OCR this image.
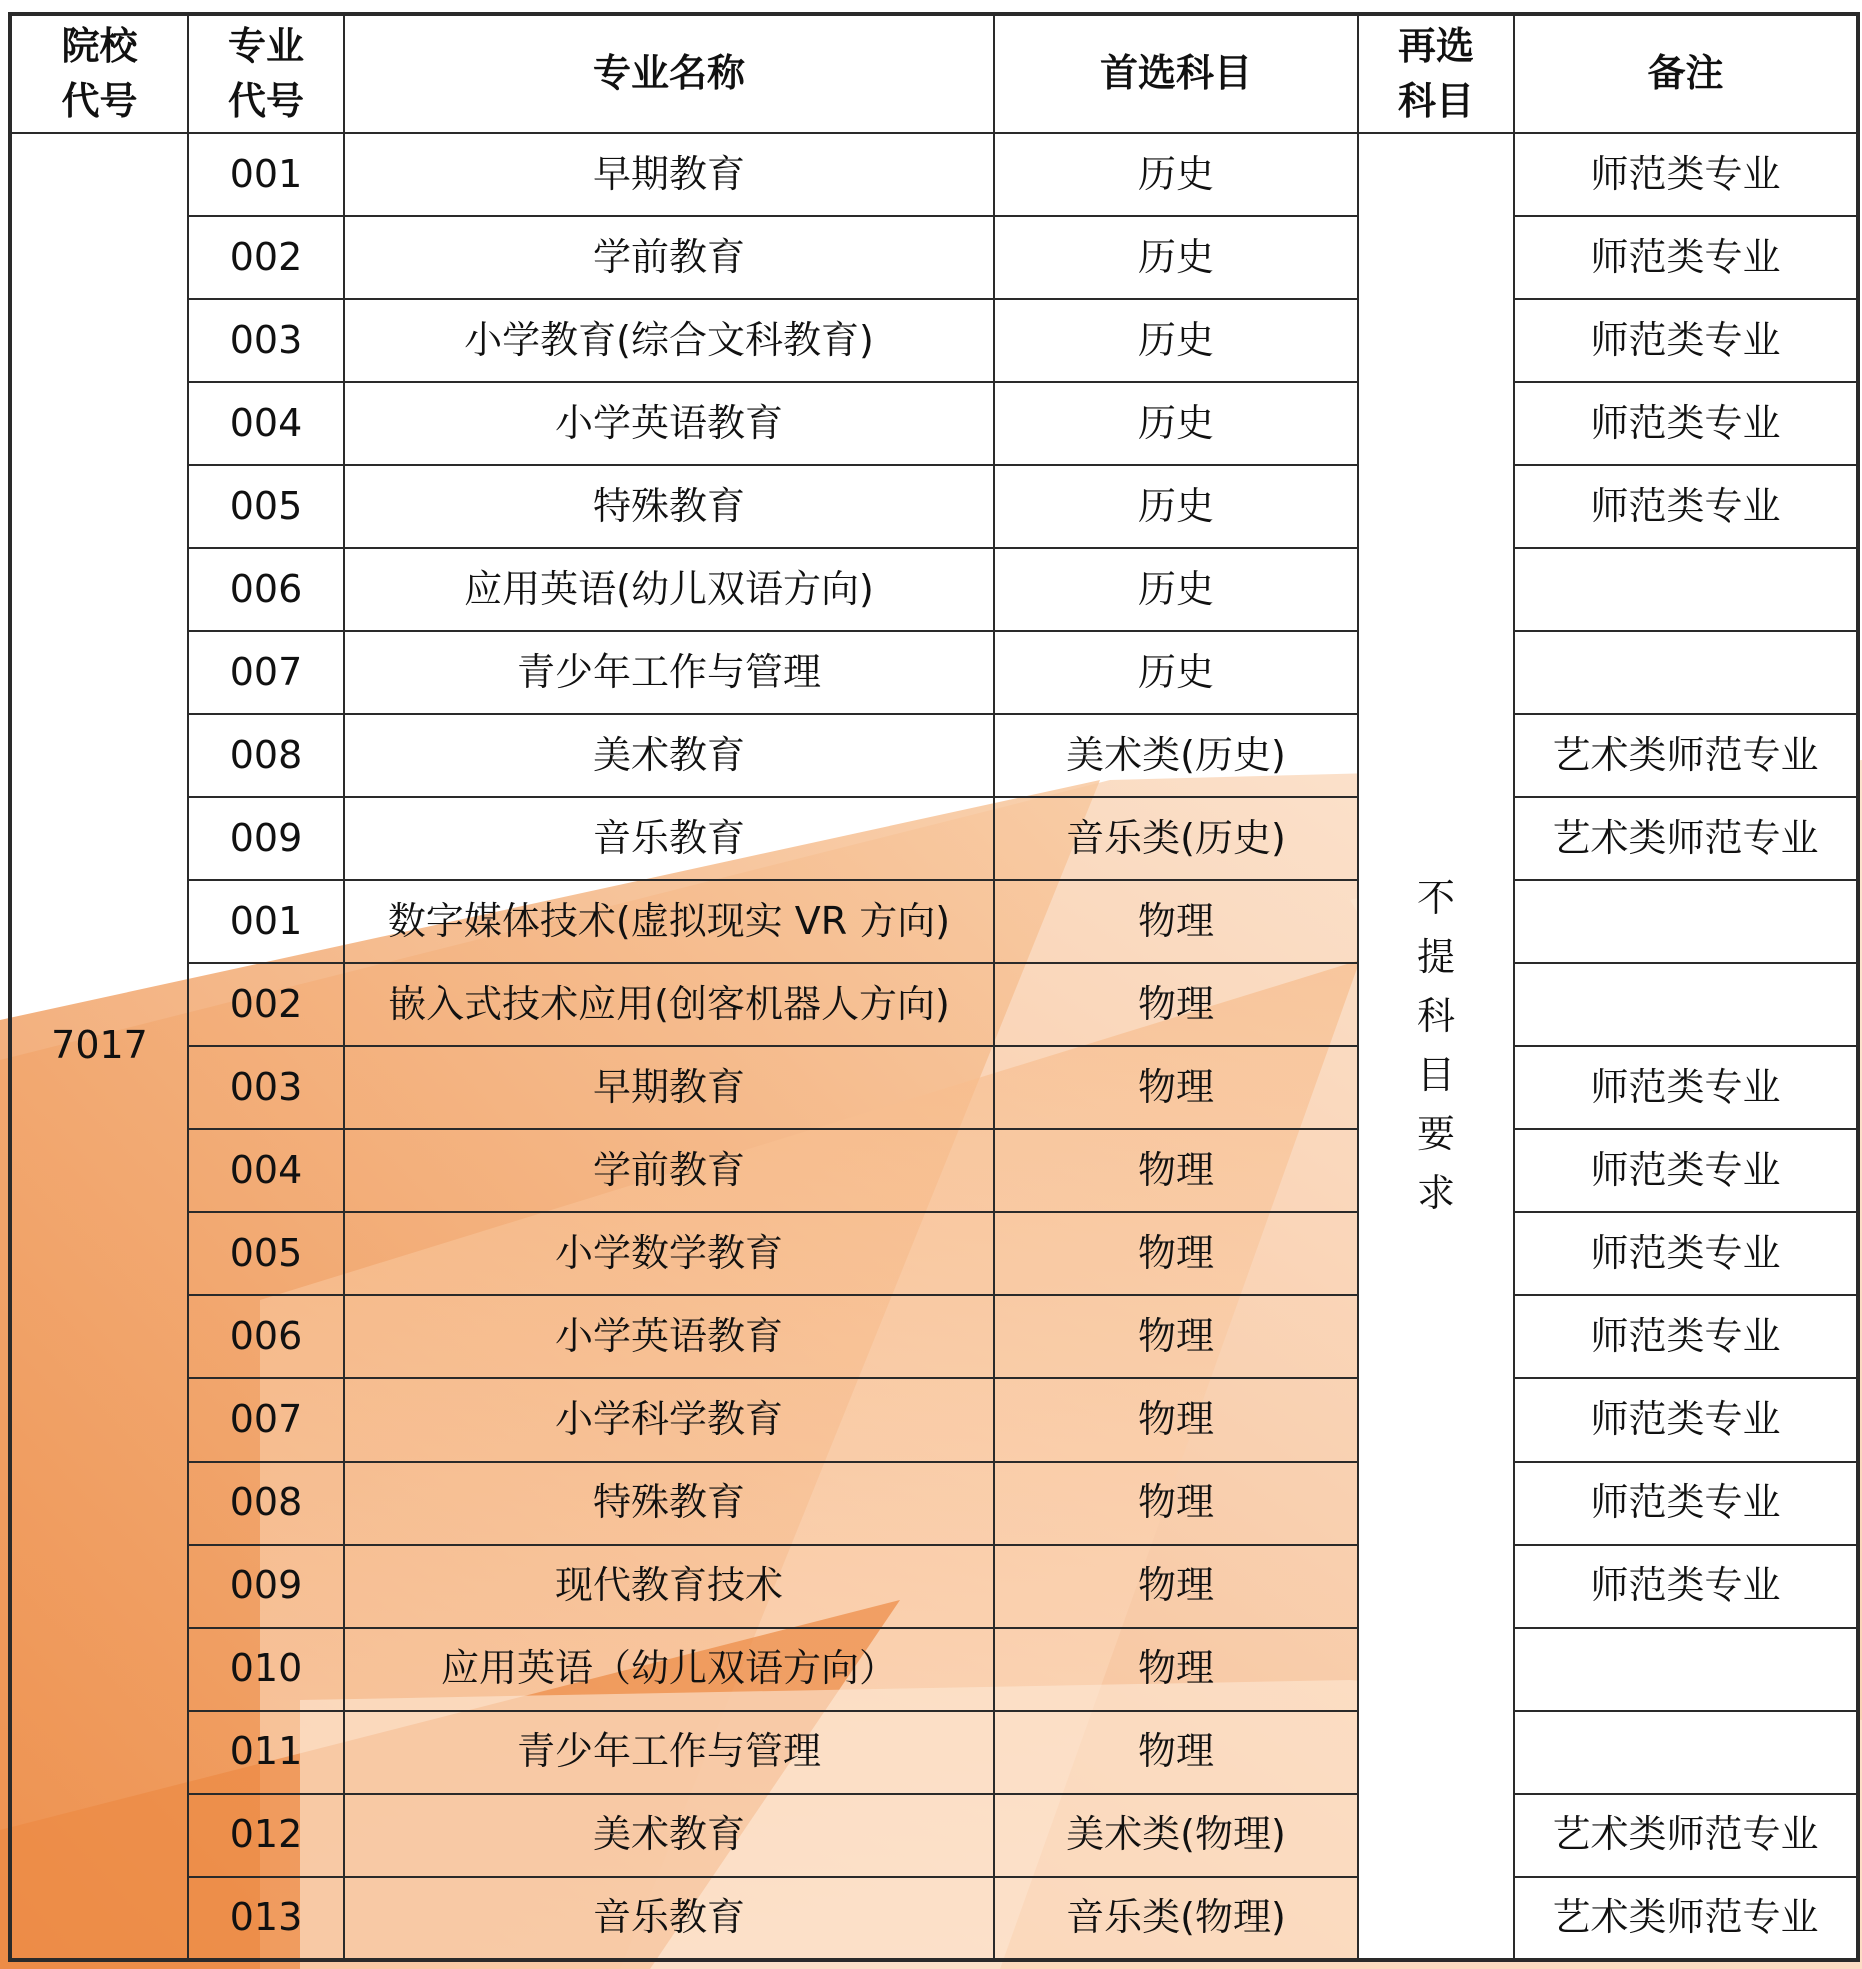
院校代号	专业代号	专业名称	首选科目	再选科目	备注
7017	001	早期教育	历史	不提科目要求	师范类专业
	002	学前教育	历史		师范类专业
	003	小学教育(综合文科教育)	历史		师范类专业
	004	小学英语教育	历史		师范类专业
	005	特殊教育	历史		师范类专业
	006	应用英语(幼儿双语方向)	历史		
	007	青少年工作与管理	历史		
	008	美术教育	美术类(历史)		艺术类师范专业
	009	音乐教育	音乐类(历史)		艺术类师范专业
	001	数字媒体技术(虚拟现实 VR 方向)	物理		
	002	嵌入式技术应用(创客机器人方向)	物理		
	003	早期教育	物理		师范类专业
	004	学前教育	物理		师范类专业
	005	小学数学教育	物理		师范类专业
	006	小学英语教育	物理		师范类专业
	007	小学科学教育	物理		师范类专业
	008	特殊教育	物理		师范类专业
	009	现代教育技术	物理		师范类专业
	010	应用英语（幼儿双语方向）	物理		
	011	青少年工作与管理	物理		
	012	美术教育	美术类(物理)		艺术类师范专业
	013	音乐教育	音乐类(物理)		艺术类师范专业
